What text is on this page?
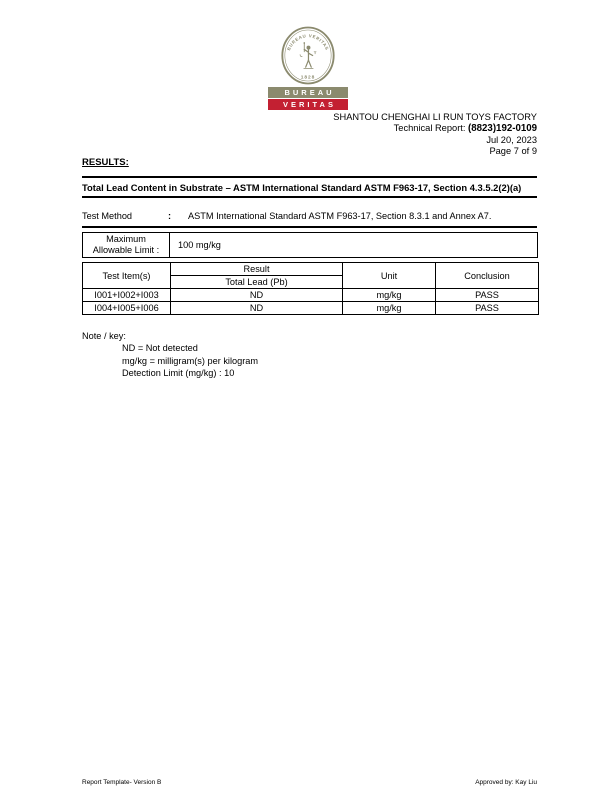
BUREAU VERITAS
1828
BUREAU
VERITAS
SHANTOU CHENGHAI LI RUN TOYS FACTORY
Technical Report: (8823)192-0109
Jul 20, 2023
Page 7 of 9
RESULTS:
Total Lead Content in Substrate – ASTM International Standard ASTM F963-17, Section 4.3.5.2(2)(a)
Test Method	:	ASTM International Standard ASTM F963-17, Section 8.3.1 and Annex A7.
Maximum
Allowable Limit :	100 mg/kg
Test Item(s)	Result	Unit	Conclusion
	Total Lead (Pb)		
I001+I002+I003	ND	mg/kg	PASS
I004+I005+I006	ND	mg/kg	PASS
Note / key:
ND = Not detected
mg/kg = milligram(s) per kilogram
Detection Limit (mg/kg) : 10
Report Template- Version B	Approved by: Kay Liu
